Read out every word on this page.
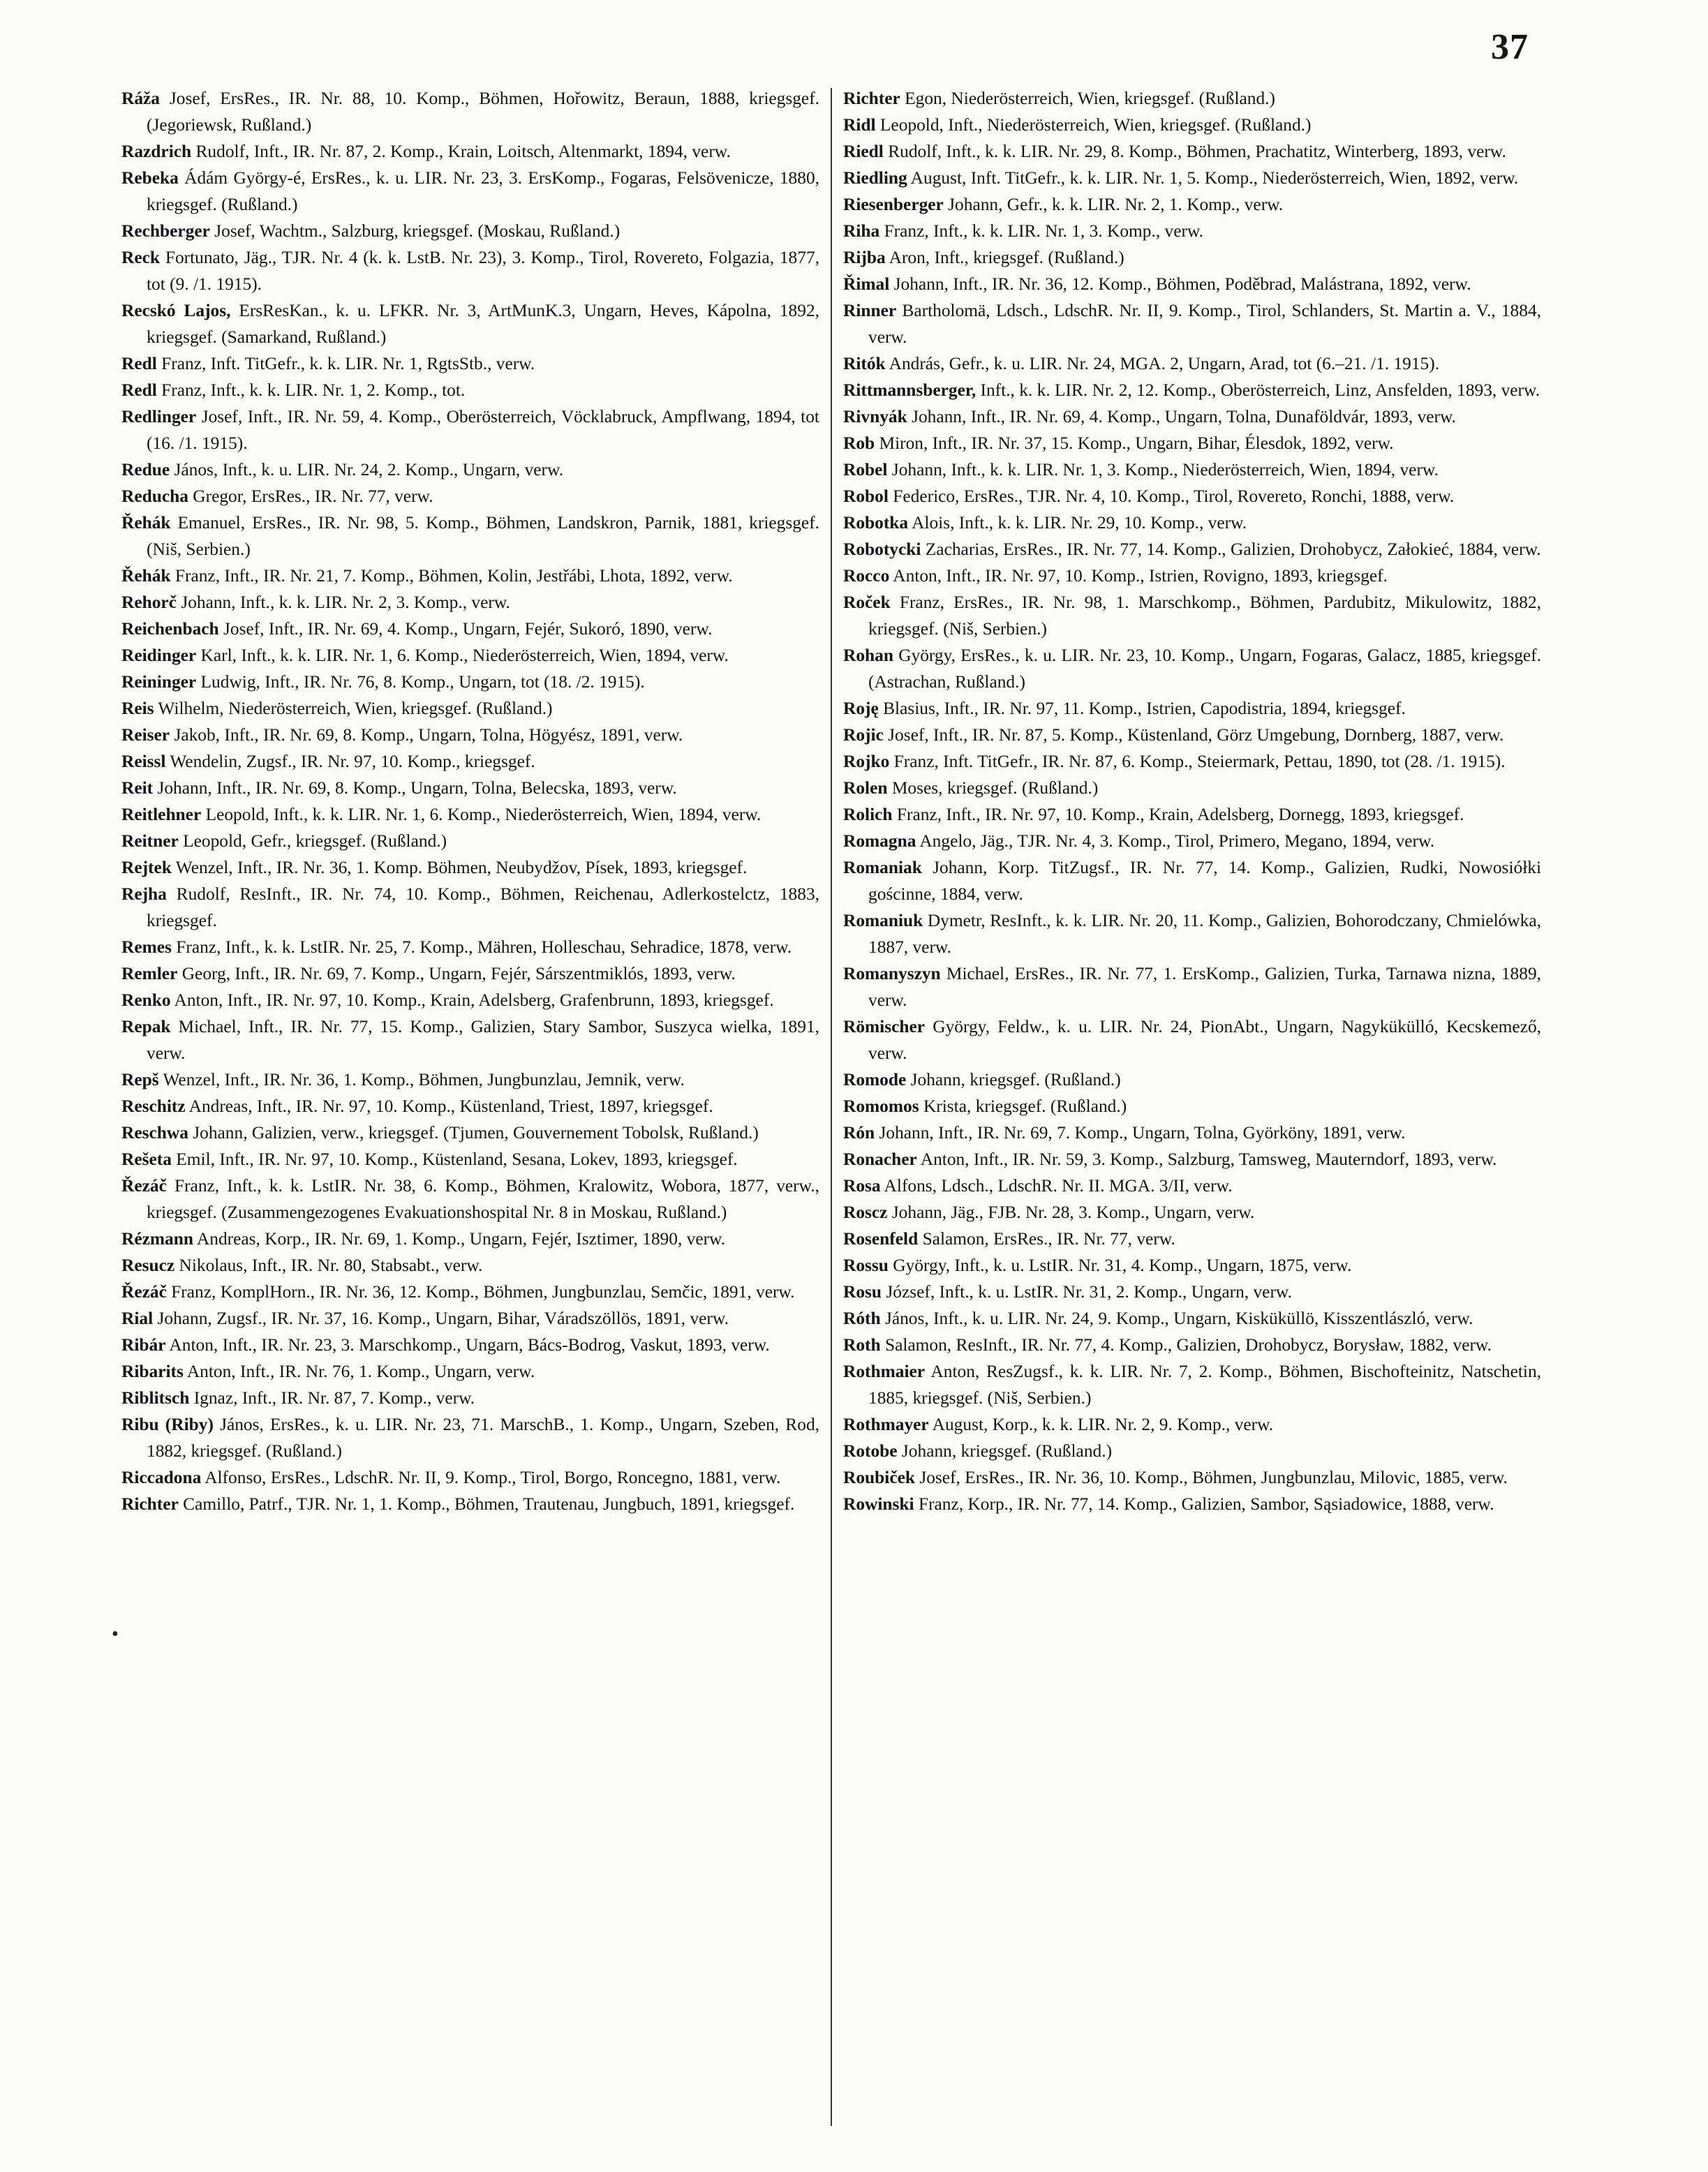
37

Ráža Josef, ErsRes., IR. Nr. 88, 10. Komp., Böhmen, Hořowitz, Beraun, 1888, kriegsgef. (Jegoriewsk, Rußland.)

Razdrich Rudolf, Inft., IR. Nr. 87, 2. Komp., Krain, Loitsch, Altenmarkt, 1894, verw.

Rebeka Ádám György-é, ErsRes., k. u. LIR. Nr. 23, 3. ErsKomp., Fogaras, Felsövenicze, 1880, kriegsgef. (Rußland.)

Rechberger Josef, Wachtm., Salzburg, kriegsgef. (Moskau, Rußland.)

Reck Fortunato, Jäg., TJR. Nr. 4 (k. k. LstB. Nr. 23), 3. Komp., Tirol, Rovereto, Folgazia, 1877, tot (9. /1. 1915).

Recskó Lajos, ErsResKan., k. u. LFKR. Nr. 3, ArtMunK.3, Ungarn, Heves, Kápolna, 1892, kriegsgef. (Samarkand, Rußland.)

Redl Franz, Inft. TitGefr., k. k. LIR. Nr. 1, RgtsStb., verw.

Redl Franz, Inft., k. k. LIR. Nr. 1, 2. Komp., tot.

Redlinger Josef, Inft., IR. Nr. 59, 4. Komp., Oberösterreich, Vöcklabruck, Ampflwang, 1894, tot (16. /1. 1915).

Redue János, Inft., k. u. LIR. Nr. 24, 2. Komp., Ungarn, verw.

Reducha Gregor, ErsRes., IR. Nr. 77, verw.

Řehák Emanuel, ErsRes., IR. Nr. 98, 5. Komp., Böhmen, Landskron, Parnik, 1881, kriegsgef. (Niš, Serbien.)

Řehák Franz, Inft., IR. Nr. 21, 7. Komp., Böhmen, Kolin, Jestřábi, Lhota, 1892, verw.

Rehorč Johann, Inft., k. k. LIR. Nr. 2, 3. Komp., verw.

Reichenbach Josef, Inft., IR. Nr. 69, 4. Komp., Ungarn, Fejér, Sukoró, 1890, verw.

Reidinger Karl, Inft., k. k. LIR. Nr. 1, 6. Komp., Niederösterreich, Wien, 1894, verw.

Reininger Ludwig, Inft., IR. Nr. 76, 8. Komp., Ungarn, tot (18. /2. 1915).

Reis Wilhelm, Niederösterreich, Wien, kriegsgef. (Rußland.)

Reiser Jakob, Inft., IR. Nr. 69, 8. Komp., Ungarn, Tolna, Högyész, 1891, verw.

Reissl Wendelin, Zugsf., IR. Nr. 97, 10. Komp., kriegsgef.

Reit Johann, Inft., IR. Nr. 69, 8. Komp., Ungarn, Tolna, Belecska, 1893, verw.

Reitlehner Leopold, Inft., k. k. LIR. Nr. 1, 6. Komp., Niederösterreich, Wien, 1894, verw.

Reitner Leopold, Gefr., kriegsgef. (Rußland.)

Rejtek Wenzel, Inft., IR. Nr. 36, 1. Komp. Böhmen, Neubydžov, Písek, 1893, kriegsgef.

Rejha Rudolf, ResInft., IR. Nr. 74, 10. Komp., Böhmen, Reichenau, Adlerkostelctz, 1883, kriegsgef.

Remes Franz, Inft., k. k. LstIR. Nr. 25, 7. Komp., Mähren, Holleschau, Sehradice, 1878, verw.

Remler Georg, Inft., IR. Nr. 69, 7. Komp., Ungarn, Fejér, Sárszentmiklós, 1893, verw.

Renko Anton, Inft., IR. Nr. 97, 10. Komp., Krain, Adelsberg, Grafenbrunn, 1893, kriegsgef.

Repak Michael, Inft., IR. Nr. 77, 15. Komp., Galizien, Stary Sambor, Suszyca wielka, 1891, verw.

Repš Wenzel, Inft., IR. Nr. 36, 1. Komp., Böhmen, Jungbunzlau, Jemnik, verw.

Reschitz Andreas, Inft., IR. Nr. 97, 10. Komp., Küstenland, Triest, 1897, kriegsgef.

Reschwa Johann, Galizien, verw., kriegsgef. (Tjumen, Gouvernement Tobolsk, Rußland.)

Rešeta Emil, Inft., IR. Nr. 97, 10. Komp., Küstenland, Sesana, Lokev, 1893, kriegsgef.

Řezáč Franz, Inft., k. k. LstIR. Nr. 38, 6. Komp., Böhmen, Kralowitz, Wobora, 1877, verw., kriegsgef. (Zusammengezogenes Evakuationshospital Nr. 8 in Moskau, Rußland.)

Rézmann Andreas, Korp., IR. Nr. 69, 1. Komp., Ungarn, Fejér, Isztimer, 1890, verw.

Resucz Nikolaus, Inft., IR. Nr. 80, Stabsabt., verw.

Řezáč Franz, KomplHorn., IR. Nr. 36, 12. Komp., Böhmen, Jungbunzlau, Semčic, 1891, verw.

Rial Johann, Zugsf., IR. Nr. 37, 16. Komp., Ungarn, Bihar, Váradszöllös, 1891, verw.

Ribár Anton, Inft., IR. Nr. 23, 3. Marschkomp., Ungarn, Bács-Bodrog, Vaskut, 1893, verw.

Ribarits Anton, Inft., IR. Nr. 76, 1. Komp., Ungarn, verw.

Riblitsch Ignaz, Inft., IR. Nr. 87, 7. Komp., verw.

Ribu (Riby) János, ErsRes., k. u. LIR. Nr. 23, 71. MarschB., 1. Komp., Ungarn, Szeben, Rod, 1882, kriegsgef. (Rußland.)

Riccadona Alfonso, ErsRes., LdschR. Nr. II, 9. Komp., Tirol, Borgo, Roncegno, 1881, verw.

Richter Camillo, Patrf., TJR. Nr. 1, 1. Komp., Böhmen, Trautenau, Jungbuch, 1891, kriegsgef.

Richter Egon, Niederösterreich, Wien, kriegsgef. (Rußland.)

Ridl Leopold, Inft., Niederösterreich, Wien, kriegsgef. (Rußland.)

Riedl Rudolf, Inft., k. k. LIR. Nr. 29, 8. Komp., Böhmen, Prachatitz, Winterberg, 1893, verw.

Riedling August, Inft. TitGefr., k. k. LIR. Nr. 1, 5. Komp., Niederösterreich, Wien, 1892, verw.

Riesenberger Johann, Gefr., k. k. LIR. Nr. 2, 1. Komp., verw.

Riha Franz, Inft., k. k. LIR. Nr. 1, 3. Komp., verw.

Rijba Aron, Inft., kriegsgef. (Rußland.)

Řimal Johann, Inft., IR. Nr. 36, 12. Komp., Böhmen, Poděbrad, Malástrana, 1892, verw.

Rinner Bartholomä, Ldsch., LdschR. Nr. II, 9. Komp., Tirol, Schlanders, St. Martin a. V., 1884, verw.

Ritók András, Gefr., k. u. LIR. Nr. 24, MGA. 2, Ungarn, Arad, tot (6.–21. /1. 1915).

Rittmannsberger, Inft., k. k. LIR. Nr. 2, 12. Komp., Oberösterreich, Linz, Ansfelden, 1893, verw.

Rivnyák Johann, Inft., IR. Nr. 69, 4. Komp., Ungarn, Tolna, Dunaföldvár, 1893, verw.

Rob Miron, Inft., IR. Nr. 37, 15. Komp., Ungarn, Bihar, Élesdok, 1892, verw.

Robel Johann, Inft., k. k. LIR. Nr. 1, 3. Komp., Niederösterreich, Wien, 1894, verw.

Robol Federico, ErsRes., TJR. Nr. 4, 10. Komp., Tirol, Rovereto, Ronchi, 1888, verw.

Robotka Alois, Inft., k. k. LIR. Nr. 29, 10. Komp., verw.

Robotycki Zacharias, ErsRes., IR. Nr. 77, 14. Komp., Galizien, Drohobycz, Załokieć, 1884, verw.

Rocco Anton, Inft., IR. Nr. 97, 10. Komp., Istrien, Rovigno, 1893, kriegsgef.

Roček Franz, ErsRes., IR. Nr. 98, 1. Marschkomp., Böhmen, Pardubitz, Mikulowitz, 1882, kriegsgef. (Niš, Serbien.)

Rohan György, ErsRes., k. u. LIR. Nr. 23, 10. Komp., Ungarn, Fogaras, Galacz, 1885, kriegsgef. (Astrachan, Rußland.)

Roję Blasius, Inft., IR. Nr. 97, 11. Komp., Istrien, Capodistria, 1894, kriegsgef.

Rojic Josef, Inft., IR. Nr. 87, 5. Komp., Küstenland, Görz Umgebung, Dornberg, 1887, verw.

Rojko Franz, Inft. TitGefr., IR. Nr. 87, 6. Komp., Steiermark, Pettau, 1890, tot (28. /1. 1915).

Rolen Moses, kriegsgef. (Rußland.)

Rolich Franz, Inft., IR. Nr. 97, 10. Komp., Krain, Adelsberg, Dornegg, 1893, kriegsgef.

Romagna Angelo, Jäg., TJR. Nr. 4, 3. Komp., Tirol, Primero, Megano, 1894, verw.

Romaniak Johann, Korp. TitZugsf., IR. Nr. 77, 14. Komp., Galizien, Rudki, Nowosiółki gościnne, 1884, verw.

Romaniuk Dymetr, ResInft., k. k. LIR. Nr. 20, 11. Komp., Galizien, Bohorodczany, Chmielówka, 1887, verw.

Romanyszyn Michael, ErsRes., IR. Nr. 77, 1. ErsKomp., Galizien, Turka, Tarnawa nizna, 1889, verw.

Römischer György, Feldw., k. u. LIR. Nr. 24, PionAbt., Ungarn, Nagykükülló, Kecskemező, verw.

Romode Johann, kriegsgef. (Rußland.)

Romomos Krista, kriegsgef. (Rußland.)

Rón Johann, Inft., IR. Nr. 69, 7. Komp., Ungarn, Tolna, Györköny, 1891, verw.

Ronacher Anton, Inft., IR. Nr. 59, 3. Komp., Salzburg, Tamsweg, Mauterndorf, 1893, verw.

Rosa Alfons, Ldsch., LdschR. Nr. II. MGA. 3/II, verw.

Roscz Johann, Jäg., FJB. Nr. 28, 3. Komp., Ungarn, verw.

Rosenfeld Salamon, ErsRes., IR. Nr. 77, verw.

Rossu György, Inft., k. u. LstIR. Nr. 31, 4. Komp., Ungarn, 1875, verw.

Rosu József, Inft., k. u. LstIR. Nr. 31, 2. Komp., Ungarn, verw.

Róth János, Inft., k. u. LIR. Nr. 24, 9. Komp., Ungarn, Kisküküllö, Kisszentlászló, verw.

Roth Salamon, ResInft., IR. Nr. 77, 4. Komp., Galizien, Drohobycz, Borysław, 1882, verw.

Rothmaier Anton, ResZugsf., k. k. LIR. Nr. 7, 2. Komp., Böhmen, Bischofteinitz, Natschetin, 1885, kriegsgef. (Niš, Serbien.)

Rothmayer August, Korp., k. k. LIR. Nr. 2, 9. Komp., verw.

Rotobe Johann, kriegsgef. (Rußland.)

Roubiček Josef, ErsRes., IR. Nr. 36, 10. Komp., Böhmen, Jungbunzlau, Milovic, 1885, verw.

Rowinski Franz, Korp., IR. Nr. 77, 14. Komp., Galizien, Sambor, Sąsiadowice, 1888, verw.

•
